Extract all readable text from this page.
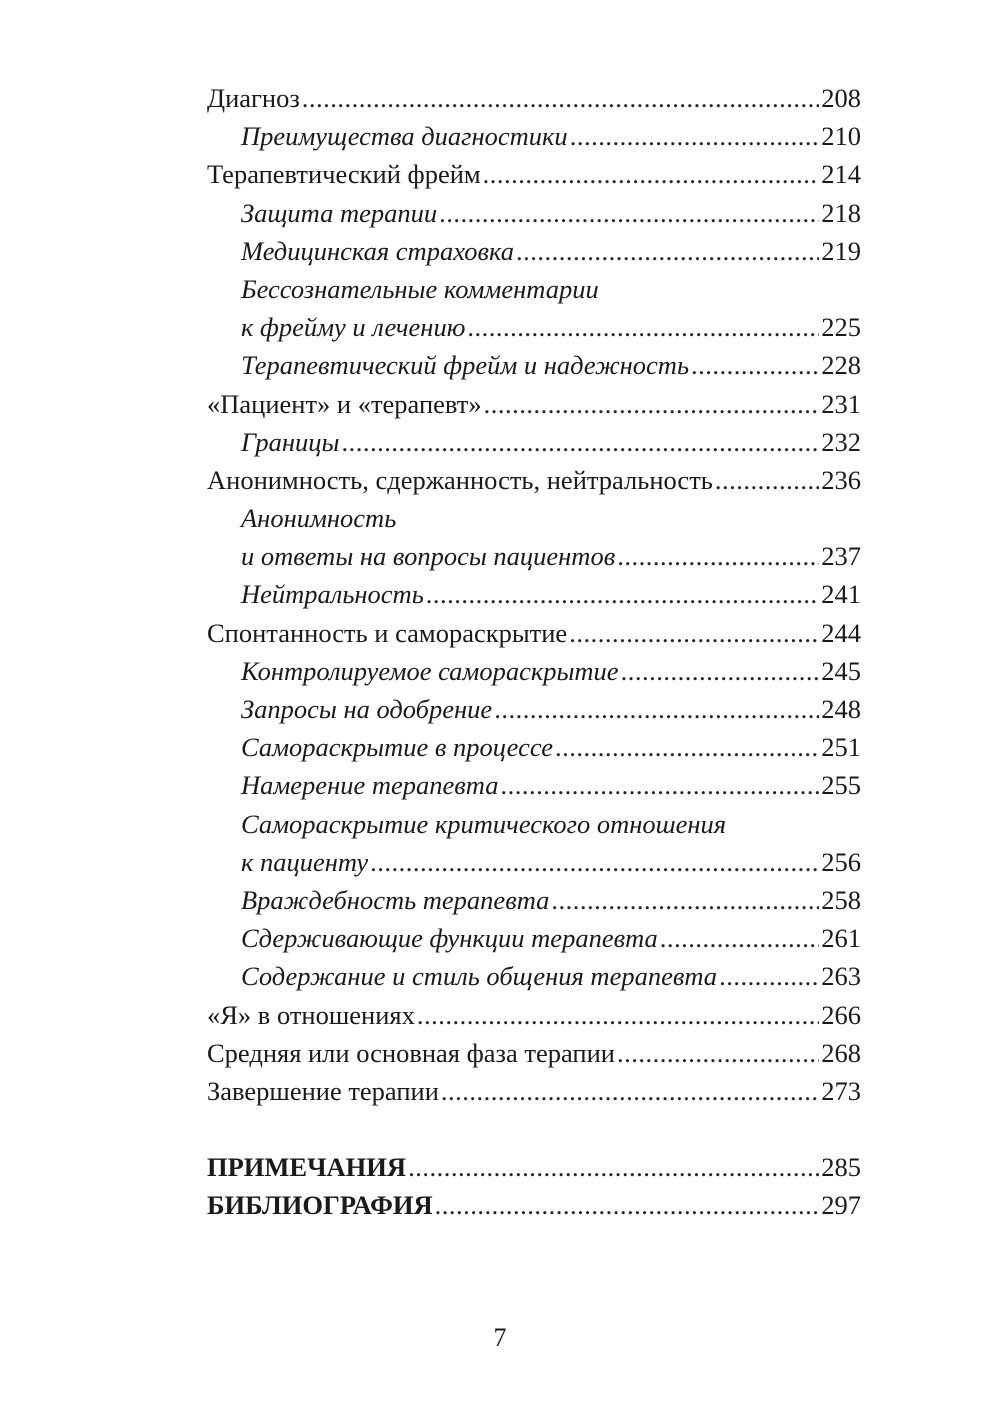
Диагноз .....	208
Преимущества диагностики .....	210
Терапевтический фрейм .....	214
Защита терапии .....	218
Медицинская страховка .....	219
Бессознательные комментарии
к фрейму и лечению .....	225
Терапевтический фрейм и надежность .....	228
«Пациент» и «терапевт» .....	231
Границы .....	232
Анонимность, сдержанность, нейтральность .....	236
Анонимность
и ответы на вопросы пациентов .....	237
Нейтральность .....	241
Спонтанность и самораскрытие .....	244
Контролируемое самораскрытие .....	245
Запросы на одобрение .....	248
Самораскрытие в процессе .....	251
Намерение терапевта .....	255
Самораскрытие критического отношения
к пациенту .....	256
Враждебность терапевта .....	258
Сдерживающие функции терапевта .....	261
Содержание и стиль общения терапевта .....	263
«Я» в отношениях .....	266
Средняя или основная фаза терапии .....	268
Завершение терапии .....	273
ПРИМЕЧАНИЯ .....	285
БИБЛИОГРАФИЯ .....	297
7
